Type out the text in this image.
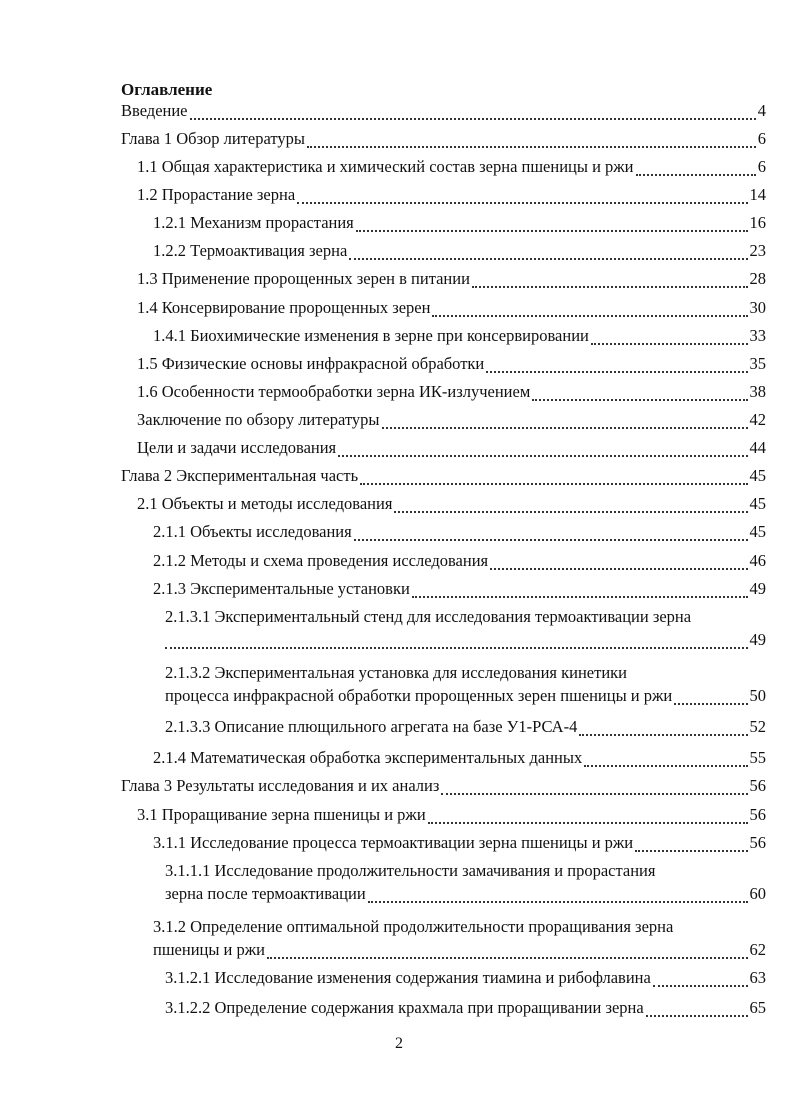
Оглавление
Введение	4
Глава 1 Обзор литературы	6
1.1 Общая характеристика и химический состав зерна пшеницы и ржи	6
1.2 Прорастание зерна	14
1.2.1 Механизм прорастания	16
1.2.2 Термоактивация зерна	23
1.3 Применение пророщенных зерен в питании	28
1.4 Консервирование пророщенных зерен	30
1.4.1 Биохимические изменения в зерне при консервировании	33
1.5 Физические основы инфракрасной обработки	35
1.6 Особенности термообработки зерна ИК-излучением	38
Заключение по обзору литературы	42
Цели и задачи исследования	44
Глава 2 Экспериментальная часть	45
2.1 Объекты и методы исследования	45
2.1.1 Объекты исследования	45
2.1.2 Методы и схема проведения исследования	46
2.1.3 Экспериментальные установки	49
2.1.3.1 Экспериментальный стенд для исследования термоактивации зерна
49
2.1.3.2 Экспериментальная установка для исследования кинетики
процесса инфракрасной обработки пророщенных зерен пшеницы и ржи	50
2.1.3.3 Описание плющильного агрегата на базе У1-РСА-4	52
2.1.4 Математическая обработка экспериментальных данных	55
Глава 3 Результаты исследования и их анализ	56
3.1 Проращивание зерна пшеницы и ржи	56
3.1.1 Исследование процесса термоактивации зерна пшеницы и ржи	56
3.1.1.1 Исследование продолжительности замачивания и прорастания
зерна после термоактивации	60
3.1.2 Определение оптимальной продолжительности проращивания зерна
пшеницы и ржи	62
3.1.2.1 Исследование изменения содержания тиамина и рибофлавина	63
3.1.2.2 Определение содержания крахмала при проращивании зерна	65
2
